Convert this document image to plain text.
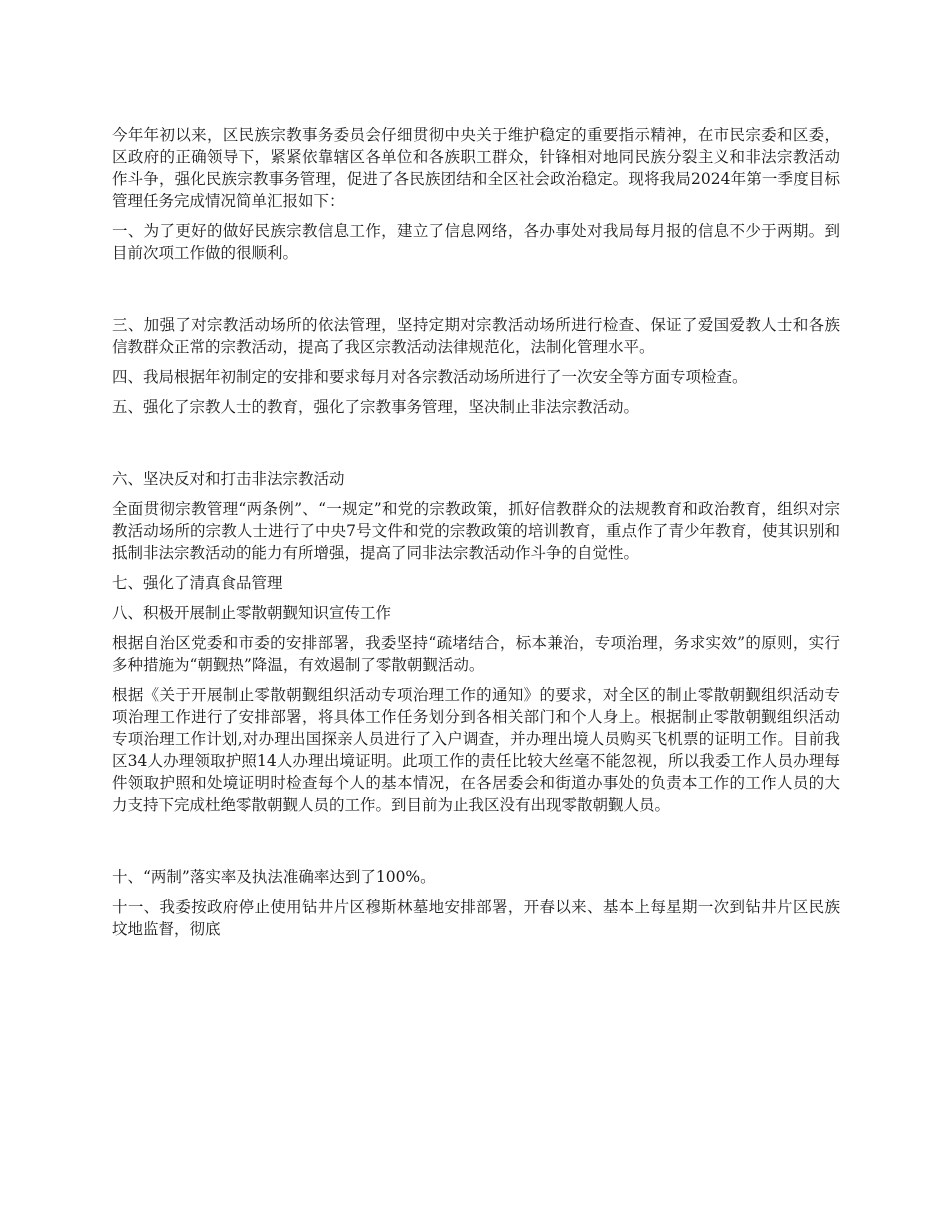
今年年初以来，区民族宗教事务委员会仔细贯彻中央关于维护稳定的重要指示精神，在市民宗委和区委，区政府的正确领导下，紧紧依靠辖区各单位和各族职工群众，针锋相对地同民族分裂主义和非法宗教活动作斗争，强化民族宗教事务管理，促进了各民族团结和全区社会政治稳定。现将我局2024年第一季度目标管理任务完成情况简单汇报如下：

一、为了更好的做好民族宗教信息工作，建立了信息网络，各办事处对我局每月报的信息不少于两期。到目前次项工作做的很顺利。

三、加强了对宗教活动场所的依法管理，坚持定期对宗教活动场所进行检查、保证了爱国爱教人士和各族信教群众正常的宗教活动，提高了我区宗教活动法律规范化，法制化管理水平。

四、我局根据年初制定的安排和要求每月对各宗教活动场所进行了一次安全等方面专项检查。

五、强化了宗教人士的教育，强化了宗教事务管理，坚决制止非法宗教活动。

六、坚决反对和打击非法宗教活动

全面贯彻宗教管理“两条例”、“一规定”和党的宗教政策，抓好信教群众的法规教育和政治教育，组织对宗教活动场所的宗教人士进行了中央7号文件和党的宗教政策的培训教育，重点作了青少年教育，使其识别和抵制非法宗教活动的能力有所增强，提高了同非法宗教活动作斗争的自觉性。

七、强化了清真食品管理

八、积极开展制止零散朝觐知识宣传工作

根据自治区党委和市委的安排部署，我委坚持“疏堵结合，标本兼治，专项治理，务求实效”的原则，实行多种措施为“朝觐热”降温，有效遏制了零散朝觐活动。

根据《关于开展制止零散朝觐组织活动专项治理工作的通知》的要求，对全区的制止零散朝觐组织活动专项治理工作进行了安排部署，将具体工作任务划分到各相关部门和个人身上。根据制止零散朝觐组织活动专项治理工作计划,对办理出国探亲人员进行了入户调查，并办理出境人员购买飞机票的证明工作。目前我区34人办理领取护照14人办理出境证明。此项工作的责任比较大丝毫不能忽视，所以我委工作人员办理每件领取护照和处境证明时检查每个人的基本情况，在各居委会和街道办事处的负责本工作的工作人员的大力支持下完成杜绝零散朝觐人员的工作。到目前为止我区没有出现零散朝觐人员。

十、“两制”落实率及执法准确率达到了100%。

十一、我委按政府停止使用钻井片区穆斯林墓地安排部署，开春以来、基本上每星期一次到钻井片区民族坟地监督，彻底
